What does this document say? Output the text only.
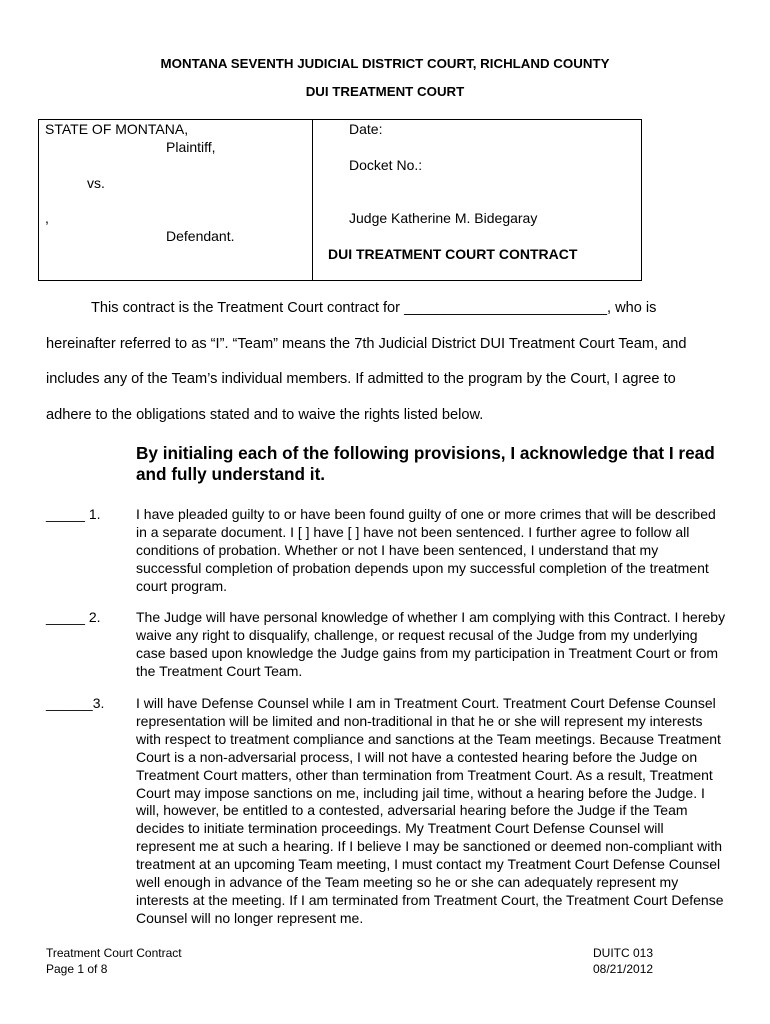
MONTANA SEVENTH JUDICIAL DISTRICT COURT, RICHLAND COUNTY
DUI TREATMENT COURT
STATE OF MONTANA,
Plaintiff,
vs.
,
Defendant.
Date:
Docket No.:
Judge Katherine M. Bidegaray
DUI TREATMENT COURT CONTRACT
This contract is the Treatment Court contract for _________________________, who is
hereinafter referred to as “I”. “Team” means the 7th Judicial District DUI Treatment Court Team, and
includes any of the Team’s individual members. If admitted to the program by the Court, I agree to
adhere to the obligations stated and to waive the rights listed below.
By initialing each of the following provisions, I acknowledge that I read and fully understand it.
_____ 1.	I have pleaded guilty to or have been found guilty of one or more crimes that will be described in a separate document. I [ ] have [ ] have not been sentenced. I further agree to follow all conditions of probation. Whether or not I have been sentenced, I understand that my successful completion of probation depends upon my successful completion of the treatment court program.
_____ 2.	The Judge will have personal knowledge of whether I am complying with this Contract. I hereby waive any right to disqualify, challenge, or request recusal of the Judge from my underlying case based upon knowledge the Judge gains from my participation in Treatment Court or from the Treatment Court Team.
______3. I will have Defense Counsel while I am in Treatment Court. Treatment Court Defense Counsel representation will be limited and non-traditional in that he or she will represent my interests with respect to treatment compliance and sanctions at the Team meetings. Because Treatment Court is a non-adversarial process, I will not have a contested hearing before the Judge on Treatment Court matters, other than termination from Treatment Court. As a result, Treatment Court may impose sanctions on me, including jail time, without a hearing before the Judge. I will, however, be entitled to a contested, adversarial hearing before the Judge if the Team decides to initiate termination proceedings. My Treatment Court Defense Counsel will represent me at such a hearing. If I believe I may be sanctioned or deemed non-compliant with treatment at an upcoming Team meeting, I must contact my Treatment Court Defense Counsel well enough in advance of the Team meeting so he or she can adequately represent my interests at the meeting. If I am terminated from Treatment Court, the Treatment Court Defense Counsel will no longer represent me.
Treatment Court Contract
Page 1 of 8
DUITC 013
08/21/2012
